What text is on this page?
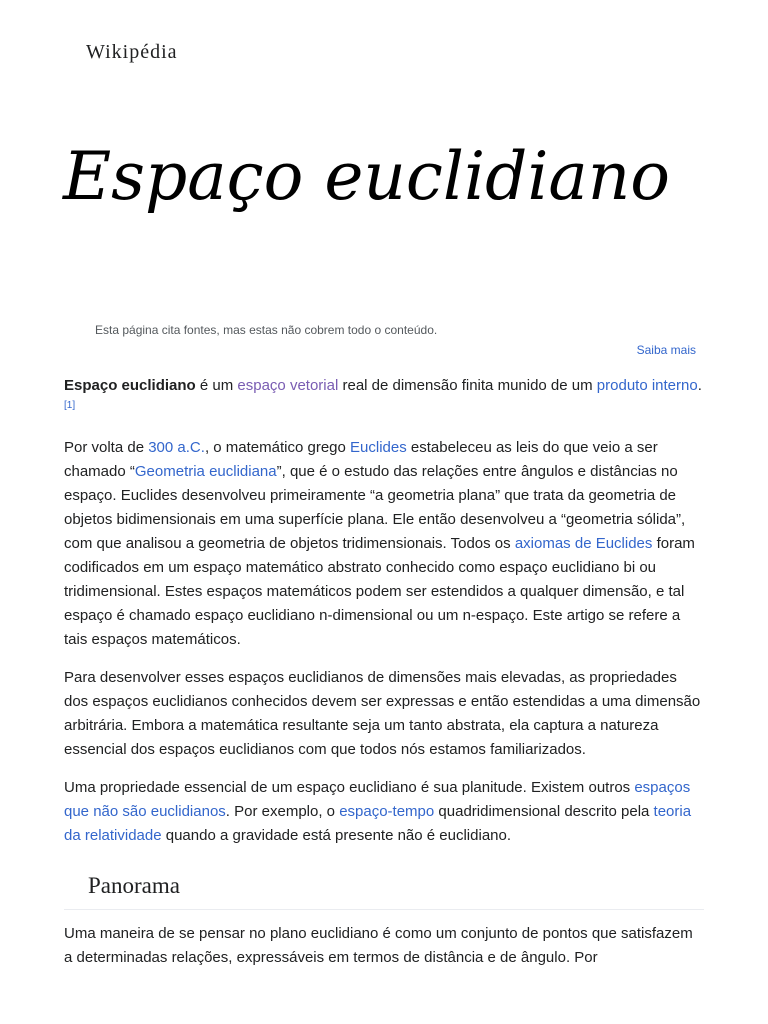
Wikipédia
Espaço euclidiano
Esta página cita fontes, mas estas não cobrem todo o conteúdo.
Saiba mais

Espaço euclidiano é um espaço vetorial real de dimensão finita munido de um produto interno.[1]

Por volta de 300 a.C., o matemático grego Euclides estabeleceu as leis do que veio a ser chamado “Geometria euclidiana”, que é o estudo das relações entre ângulos e distâncias no espaço. Euclides desenvolveu primeiramente “a geometria plana” que trata da geometria de objetos bidimensionais em uma superfície plana. Ele então desenvolveu a “geometria sólida”, com que analisou a geometria de objetos tridimensionais. Todos os axiomas de Euclides foram codificados em um espaço matemático abstrato conhecido como espaço euclidiano bi ou tridimensional. Estes espaços matemáticos podem ser estendidos a qualquer dimensão, e tal espaço é chamado espaço euclidiano n-dimensional ou um n-espaço. Este artigo se refere a tais espaços matemáticos.

Para desenvolver esses espaços euclidianos de dimensões mais elevadas, as propriedades dos espaços euclidianos conhecidos devem ser expressas e então estendidas a uma dimensão arbitrária. Embora a matemática resultante seja um tanto abstrata, ela captura a natureza essencial dos espaços euclidianos com que todos nós estamos familiarizados.

Uma propriedade essencial de um espaço euclidiano é sua planitude. Existem outros espaços que não são euclidianos. Por exemplo, o espaço-tempo quadridimensional descrito pela teoria da relatividade quando a gravidade está presente não é euclidiano.

Panorama

Uma maneira de se pensar no plano euclidiano é como um conjunto de pontos que satisfazem a determinadas relações, expressáveis em termos de distância e de ângulo. Por
